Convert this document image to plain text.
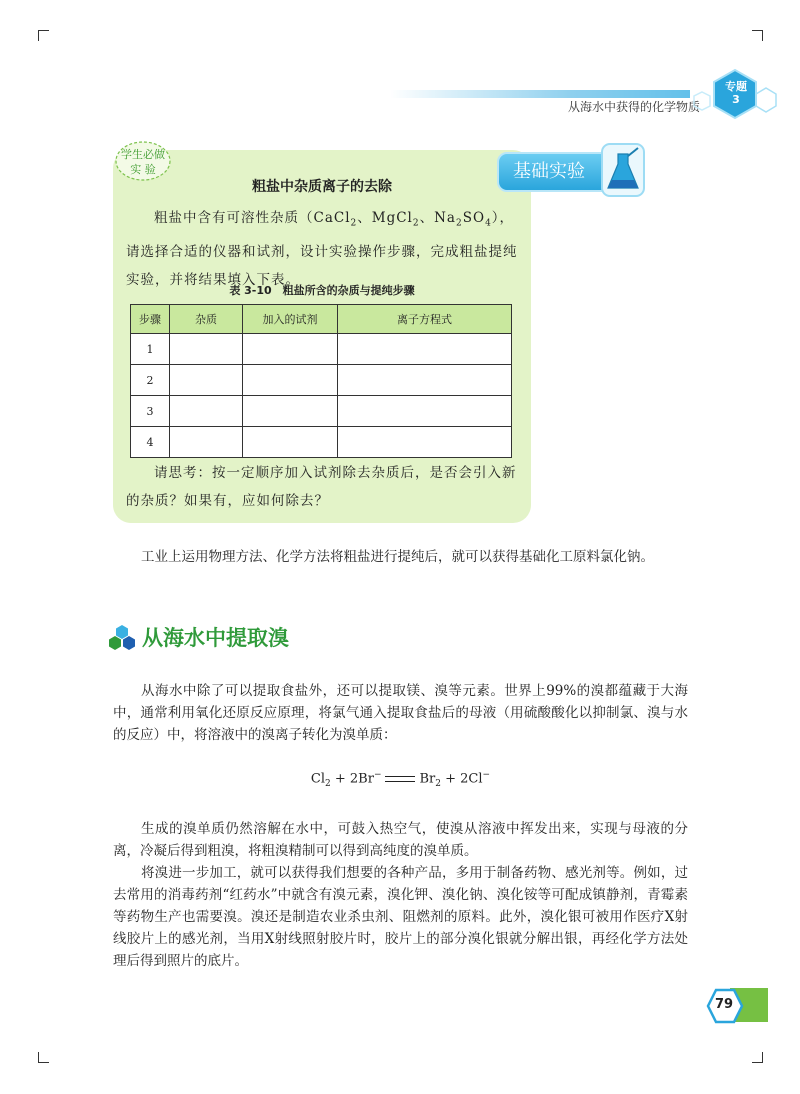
从海水中获得的化学物质
专题
3
学生必做
实 验	基础实验
粗盐中杂质离子的去除
粗盐中含有可溶性杂质（CaCl$_2$、MgCl$_2$、$Na_2SO_4$），请选择合适的仪器和试剂，设计实验操作步骤，完成粗盐提纯实验，并将结果填入下表。
表 3-10　粗盐所含的杂质与提纯步骤
步骤	杂质	加入的试剂	离子方程式
1			
2			
3			
4			
请思考：按一定顺序加入试剂除去杂质后，是否会引入新的杂质？如果有，应如何除去？
工业上运用物理方法、化学方法将粗盐进行提纯后，就可以获得基础化工原料氯化钠。
从海水中提取溴
从海水中除了可以提取食盐外，还可以提取镁、溴等元素。世界上99%的溴都蕴藏于大海中，通常利用氧化还原反应原理，将氯气通入提取食盐后的母液（用硫酸酸化以抑制氯、溴与水的反应）中，将溶液中的溴离子转化为溴单质：
$Cl_2 + 2Br^-$	$Br_2 + 2Cl^-$
生成的溴单质仍然溶解在水中，可鼓入热空气，使溴从溶液中挥发出来，实现与母液的分离，冷凝后得到粗溴，将粗溴精制可以得到高纯度的溴单质。
将溴进一步加工，就可以获得我们想要的各种产品，多用于制备药物、感光剂等。例如，过去常用的消毒药剂“红药水”中就含有溴元素，溴化钾、溴化钠、溴化铵等可配成镇静剂，青霉素等药物生产也需要溴。溴还是制造农业杀虫剂、阻燃剂的原料。此外，溴化银可被用作医疗X射线胶片上的感光剂，当用X射线照射胶片时，胶片上的部分溴化银就分解出银，再经化学方法处理后得到照片的底片。
79
